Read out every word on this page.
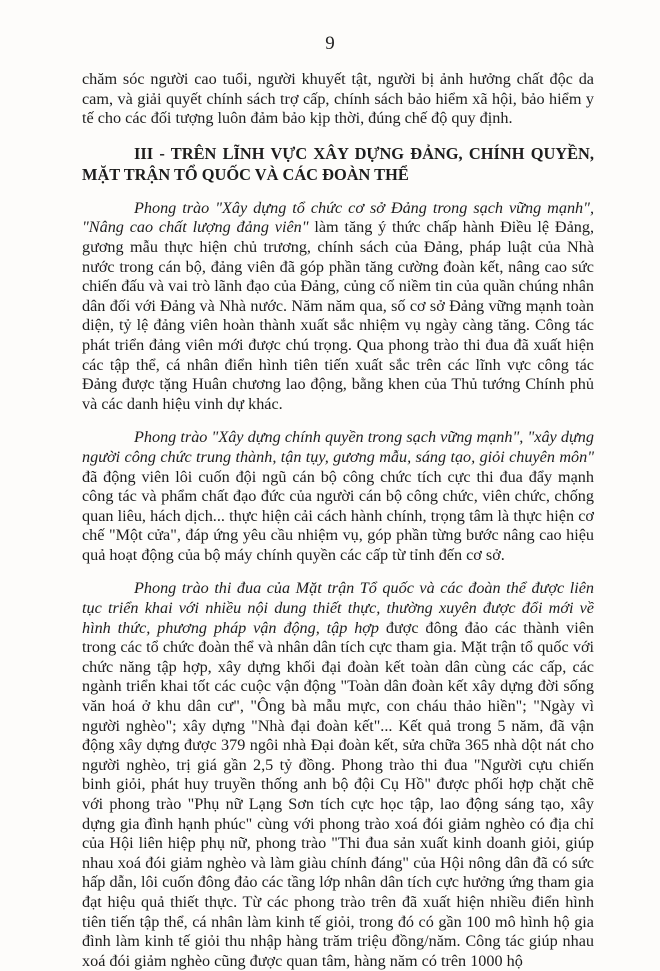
9

chăm sóc người cao tuổi, người khuyết tật, người bị ảnh hưởng chất độc da cam, và giải quyết chính sách trợ cấp, chính sách bảo hiểm xã hội, bảo hiểm y tế cho các đối tượng luôn đảm bảo kịp thời, đúng chế độ quy định.

III - TRÊN LĨNH VỰC XÂY DỰNG ĐẢNG, CHÍNH QUYỀN, MẶT TRẬN TỔ QUỐC VÀ CÁC ĐOÀN THỂ

Phong trào "Xây dựng tổ chức cơ sở Đảng trong sạch vững mạnh", "Nâng cao chất lượng đảng viên" làm tăng ý thức chấp hành Điều lệ Đảng, gương mẫu thực hiện chủ trương, chính sách của Đảng, pháp luật của Nhà nước trong cán bộ, đảng viên đã góp phần tăng cường đoàn kết, nâng cao sức chiến đấu và vai trò lãnh đạo của Đảng, củng cố niềm tin của quần chúng nhân dân đối với Đảng và Nhà nước. Năm năm qua, số cơ sở Đảng vững mạnh toàn diện, tỷ lệ đảng viên hoàn thành xuất sắc nhiệm vụ ngày càng tăng. Công tác phát triển đảng viên mới được chú trọng. Qua phong trào thi đua đã xuất hiện các tập thể, cá nhân điển hình tiên tiến xuất sắc trên các lĩnh vực công tác Đảng được tặng Huân chương lao động, bằng khen của Thủ tướng Chính phủ và các danh hiệu vinh dự khác.

Phong trào "Xây dựng chính quyền trong sạch vững mạnh", "xây dựng người công chức trung thành, tận tụy, gương mẫu, sáng tạo, giỏi chuyên môn" đã động viên lôi cuốn đội ngũ cán bộ công chức tích cực thi đua đẩy mạnh công tác và phẩm chất đạo đức của người cán bộ công chức, viên chức, chống quan liêu, hách dịch... thực hiện cải cách hành chính, trọng tâm là thực hiện cơ chế "Một cửa", đáp ứng yêu cầu nhiệm vụ, góp phần từng bước nâng cao hiệu quả hoạt động của bộ máy chính quyền các cấp từ tỉnh đến cơ sở.

Phong trào thi đua của Mặt trận Tổ quốc và các đoàn thể được liên tục triển khai với nhiều nội dung thiết thực, thường xuyên được đổi mới về hình thức, phương pháp vận động, tập hợp được đông đảo các thành viên trong các tổ chức đoàn thể và nhân dân tích cực tham gia. Mặt trận tổ quốc với chức năng tập hợp, xây dựng khối đại đoàn kết toàn dân cùng các cấp, các ngành triển khai tốt các cuộc vận động "Toàn dân đoàn kết xây dựng đời sống văn hoá ở khu dân cư", "Ông bà mẫu mực, con cháu thảo hiền"; "Ngày vì người nghèo"; xây dựng "Nhà đại đoàn kết"... Kết quả trong 5 năm, đã vận động xây dựng được 379 ngôi nhà Đại đoàn kết, sửa chữa 365 nhà dột nát cho người nghèo, trị giá gần 2,5 tỷ đồng. Phong trào thi đua "Người cựu chiến binh giỏi, phát huy truyền thống anh bộ đội Cụ Hồ" được phối hợp chặt chẽ với phong trào "Phụ nữ Lạng Sơn tích cực học tập, lao động sáng tạo, xây dựng gia đình hạnh phúc" cùng với phong trào xoá đói giảm nghèo có địa chỉ của Hội liên hiệp phụ nữ, phong trào "Thi đua sản xuất kinh doanh giỏi, giúp nhau xoá đói giảm nghèo và làm giàu chính đáng" của Hội nông dân đã có sức hấp dẫn, lôi cuốn đông đảo các tầng lớp nhân dân tích cực hưởng ứng tham gia đạt hiệu quả thiết thực. Từ các phong trào trên đã xuất hiện nhiều điển hình tiên tiến tập thể, cá nhân làm kinh tế giỏi, trong đó có gần 100 mô hình hộ gia đình làm kinh tế giỏi thu nhập hàng trăm triệu đồng/năm. Công tác giúp nhau xoá đói giảm nghèo cũng được quan tâm, hàng năm có trên 1000 hộ
